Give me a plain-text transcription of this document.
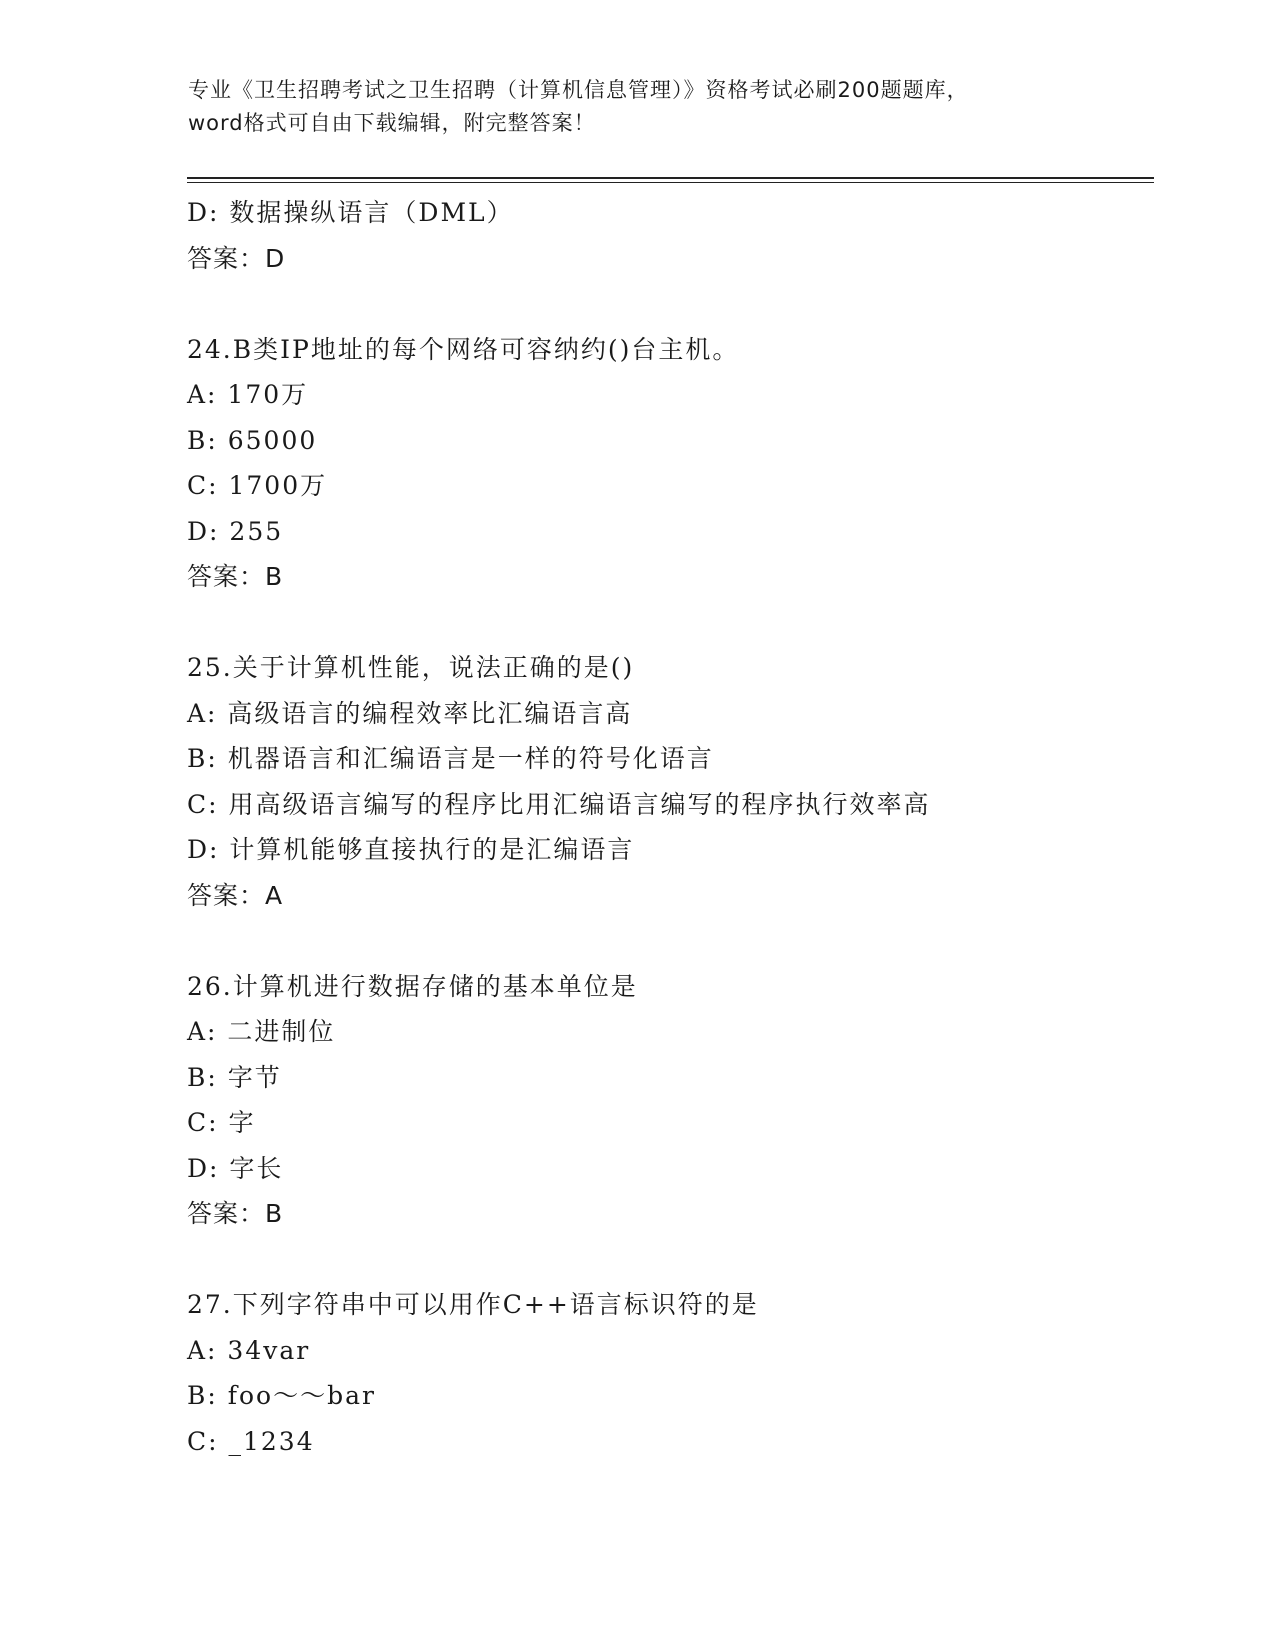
专业《卫生招聘考试之卫生招聘（计算机信息管理）》资格考试必刷200题题库，
word格式可自由下载编辑，附完整答案！
D: 数据操纵语言（DML）
答案：D
24.B类IP地址的每个网络可容纳约()台主机。
A: 170万
B: 65000
C: 1700万
D: 255
答案：B
25.关于计算机性能，说法正确的是()
A: 高级语言的编程效率比汇编语言高
B: 机器语言和汇编语言是一样的符号化语言
C: 用高级语言编写的程序比用汇编语言编写的程序执行效率高
D: 计算机能够直接执行的是汇编语言
答案：A
26.计算机进行数据存储的基本单位是
A: 二进制位
B: 字节
C: 字
D: 字长
答案：B
27.下列字符串中可以用作C++语言标识符的是
A: 34var
B: foo～～bar
C: _1234
